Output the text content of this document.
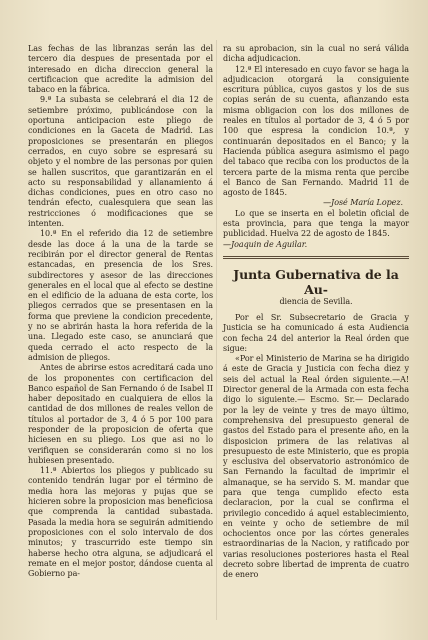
Las fechas de las libranzas serán las del tercero dia despues de presentada por el interesado en dicha direccion general la certificacion que acredite la admision del tabaco en la fábrica.

9.ª La subasta se celebrará el dia 12 de setiembre próximo, publicándose con la oportuna anticipacion este pliego de condiciones en la Gaceta de Madrid. Las proposiciones se presentarán en pliegos cerrados, en cuyo sobre se espresará su objeto y el nombre de las personas por quien se hallen suscritos, que garantizarán en el acto su responsabilidad y allanamiento á dichas condiciones, pues en otro caso no tendrán efecto, cualesquiera que sean las restricciones ó modificaciones que se intenten.

10.ª En el referido dia 12 de setiembre desde las doce á la una de la tarde se recibirán por el director general de Rentas estancadas, en presencia de los Sres. subdirectores y asesor de las direcciones generales en el local que al efecto se destine en el edificio de la aduana de esta corte, los pliegos cerrados que se presentasen en la forma que previene la condicion precedente, y no se abrirán hasta la hora referida de la una. Llegado este caso, se anunciará que queda cerrado el acto respecto de la admision de pliegos.

Antes de abrirse estos acreditará cada uno de los proponentes con certificacion del Banco español de San Fernando ó de Isabel II haber depositado en cualquiera de ellos la cantidad de dos millones de reales vellon de títulos al portador de 3, 4 ó 5 por 100 para responder de la proposicion de oferta que hiciesen en su pliego. Los que asi no lo verifiquen se considerarán como si no los hubiesen presentado.

11.ª Abiertos los pliegos y publicado su contenido tendrán lugar por el término de media hora las mejoras y pujas que se hicieren sobre la proposicion mas beneficiosa que comprenda la cantidad subastada. Pasada la media hora se seguirán admitiendo proposiciones con el solo intervalo de dos minutos; y trascurrido este tiempo sin haberse hecho otra alguna, se adjudicará el remate en el mejor postor, dándose cuenta al Gobierno pa-

ra su aprobacion, sin la cual no será válida dicha adjudicacion.

12.ª El interesado en cuyo favor se haga la adjudicacion otorgará la consiguiente escritura pública, cuyos gastos y los de sus copias serán de su cuenta, afianzando esta misma obligacion con los dos millones de reales en títulos al portador de 3, 4 ó 5 por 100 que espresa la condicion 10.ª, y continuarán depositados en el Banco; y la Hacienda pública asegura asimismo el pago del tabaco que reciba con los productos de la tercera parte de la misma renta que percibe el Banco de San Fernando. Madrid 11 de agosto de 1845.

—José María Lopez.

Lo que se inserta en el boletin oficial de esta provincia, para que tenga la mayor publicidad. Huelva 22 de agosto de 1845.

—Joaquin de Aguilar.

Junta Gubernativa de la Au-
diencia de Sevilla.

Por el Sr. Subsecretario de Gracia y Justicia se ha comunicado á esta Audiencia con fecha 24 del anterior la Real órden que sigue:

«Por el Ministerio de Marina se ha dirigido á este de Gracia y Justicia con fecha diez y seis del actual la Real órden siguiente.—A! Director general de la Armada con esta fecha digo lo siguiente.— Escmo. Sr.— Declarado por la ley de veinte y tres de mayo último, comprehensiva del presupuesto general de gastos del Estado para el presente año, en la disposicion primera de las relativas al presupuesto de este Ministerio, que es propia y esclusiva del observatorio astronómico de San Fernando la facultad de imprimir el almanaque, se ha servido S. M. mandar que para que tenga cumplido efecto esta declaracion, por la cual se confirma el privilegio concedido á aquel establecimiento, en veinte y ocho de setiembre de mil ochocientos once por las córtes generales estraordinarias de la Nacion, y ratificado por varias resoluciones posteriores hasta el Real decreto sobre libertad de imprenta de cuatro de enero
